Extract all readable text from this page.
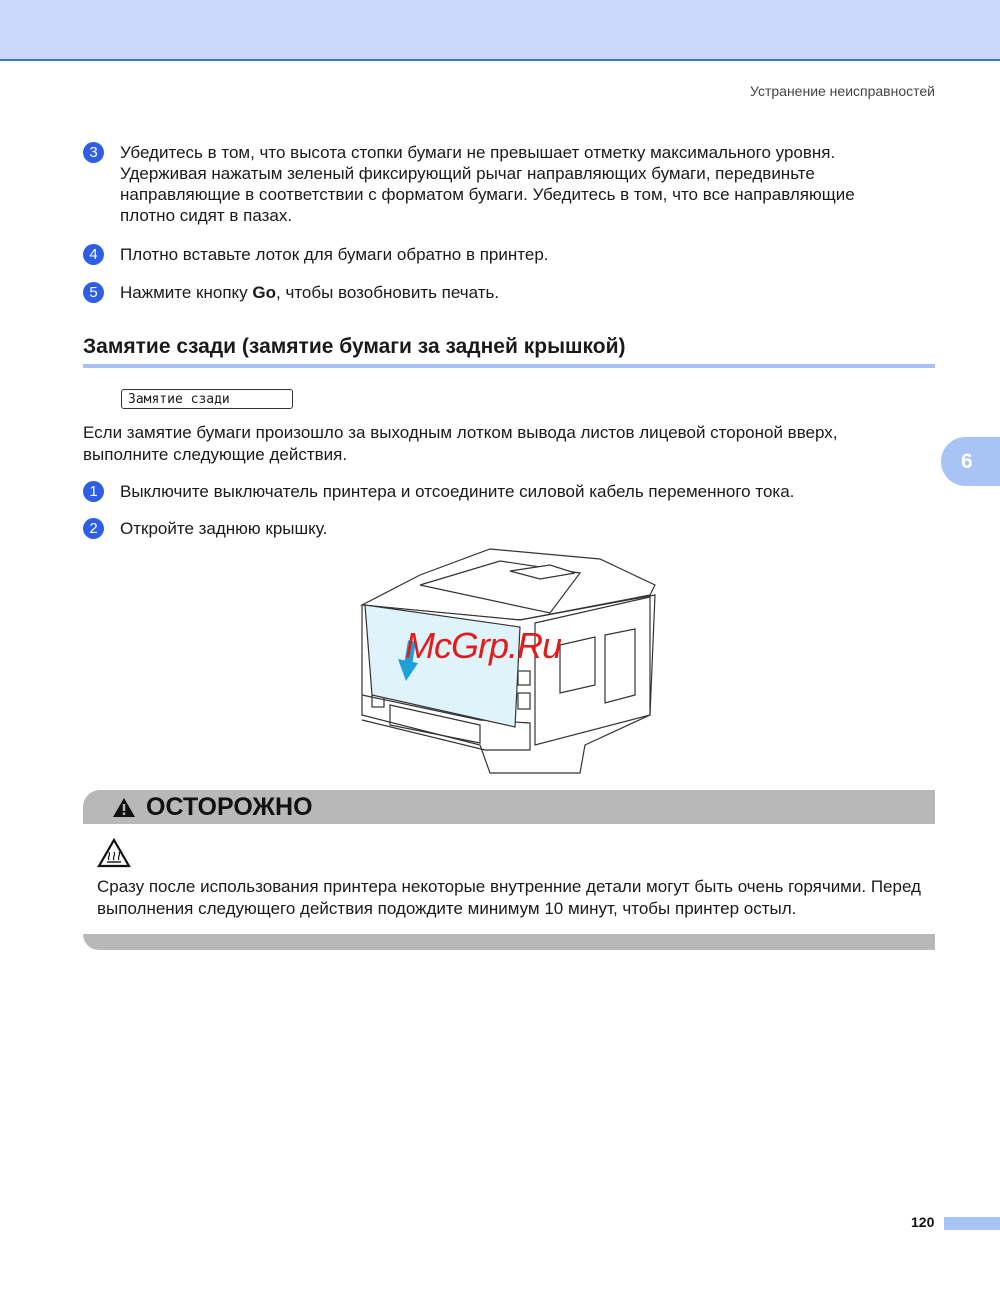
Устранение неисправностей
3	Убедитесь в том, что высота стопки бумаги не превышает отметку максимального уровня. Удерживая нажатым зеленый фиксирующий рычаг направляющих бумаги, передвиньте направляющие в соответствии с форматом бумаги. Убедитесь в том, что все направляющие плотно сидят в пазах.
4	Плотно вставьте лоток для бумаги обратно в принтер.
5	Нажмите кнопку Go, чтобы возобновить печать.
Замятие сзади (замятие бумаги за задней крышкой)
Замятие сзади
Если замятие бумаги произошло за выходным лотком вывода листов лицевой стороной вверх, выполните следующие действия.	6
1	Выключите выключатель принтера и отсоедините силовой кабель переменного тока.
2	Откройте заднюю крышку.
McGrp.Ru
ОСТОРОЖНО
Сразу после использования принтера некоторые внутренние детали могут быть очень горячими. Перед выполнения следующего действия подождите минимум 10 минут, чтобы принтер остыл.
120
